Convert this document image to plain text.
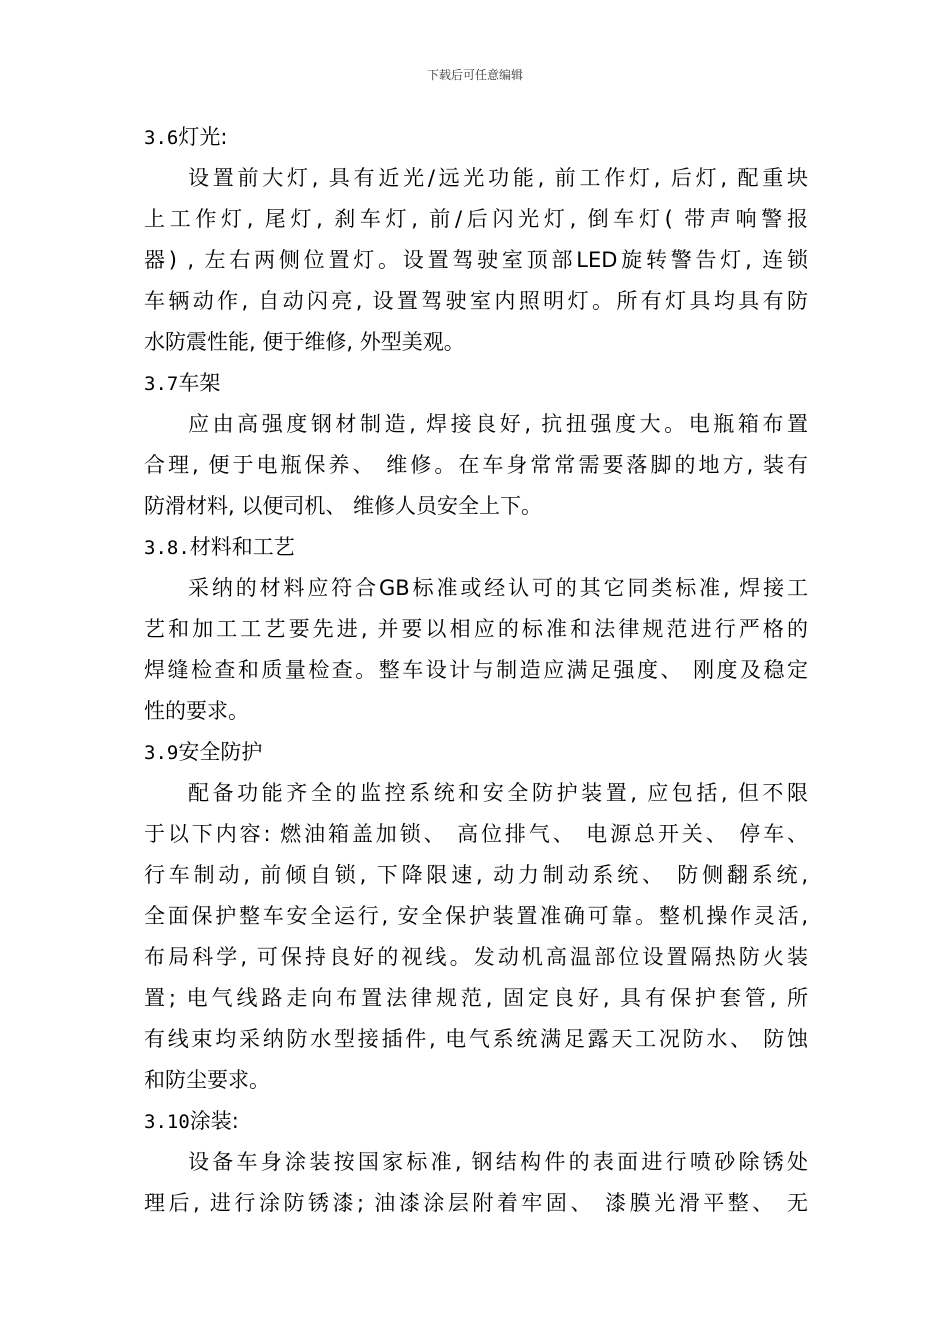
下载后可任意编辑
3.6灯光:
设置前大灯, 具有近光/远光功能, 前工作灯, 后灯, 配重块
上工作灯, 尾灯, 刹车灯, 前/后闪光灯, 倒车灯( 带声响警报
器) , 左右两侧位置灯。设置驾驶室顶部LED旋转警告灯, 连锁
车辆动作, 自动闪亮, 设置驾驶室内照明灯。所有灯具均具有防
水防震性能, 便于维修, 外型美观。
3.7车架
应由高强度钢材制造, 焊接良好, 抗扭强度大。电瓶箱布置
合理, 便于电瓶保养、 维修。在车身常常需要落脚的地方, 装有
防滑材料, 以便司机、 维修人员安全上下。
3.8.材料和工艺
采纳的材料应符合GB标准或经认可的其它同类标准, 焊接工
艺和加工工艺要先进, 并要以相应的标准和法律规范进行严格的
焊缝检查和质量检查。整车设计与制造应满足强度、 刚度及稳定
性的要求。
3.9安全防护
配备功能齐全的监控系统和安全防护装置, 应包括, 但不限
于以下内容: 燃油箱盖加锁、 高位排气、 电源总开关、 停车、
行车制动, 前倾自锁, 下降限速, 动力制动系统、 防侧翻系统,
全面保护整车安全运行, 安全保护装置准确可靠。整机操作灵活,
布局科学, 可保持良好的视线。发动机高温部位设置隔热防火装
置; 电气线路走向布置法律规范, 固定良好, 具有保护套管, 所
有线束均采纳防水型接插件, 电气系统满足露天工况防水、 防蚀
和防尘要求。
3.10涂装:
设备车身涂装按国家标准, 钢结构件的表面进行喷砂除锈处
理后, 进行涂防锈漆; 油漆涂层附着牢固、 漆膜光滑平整、 无
